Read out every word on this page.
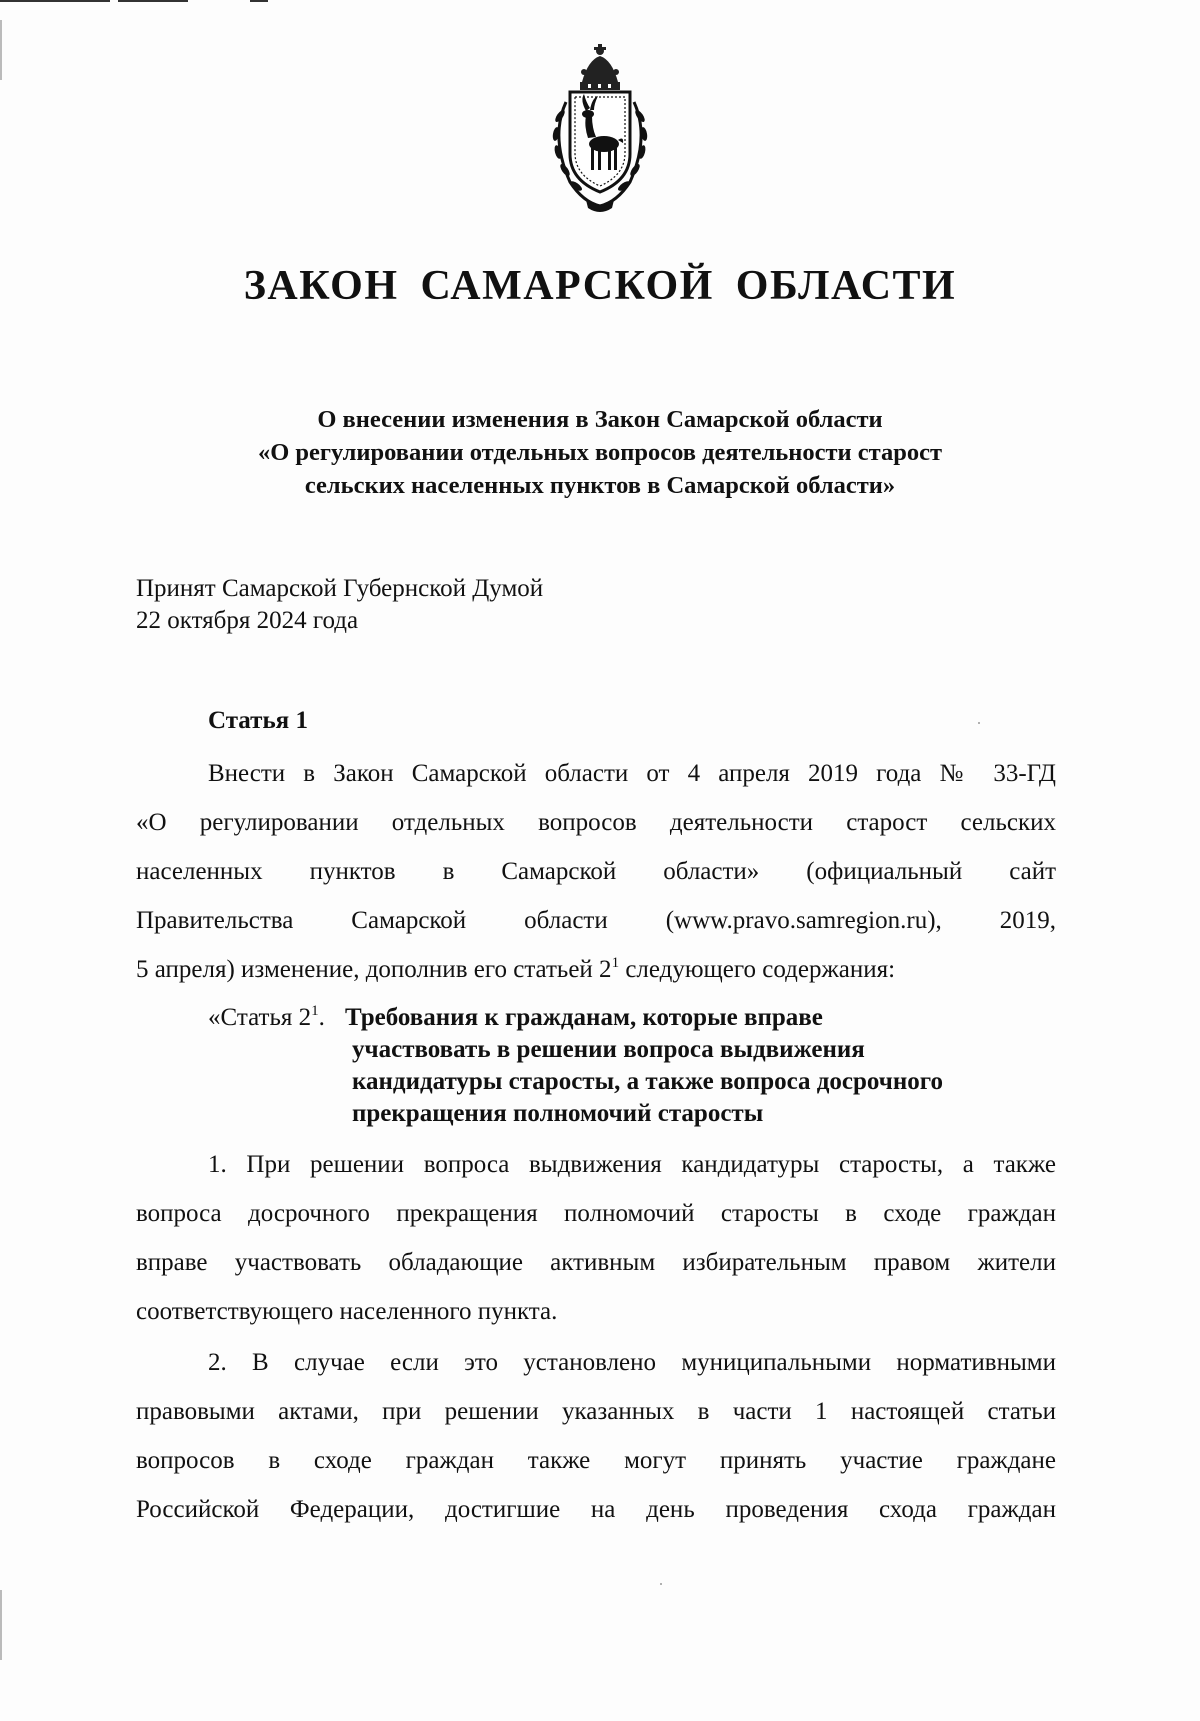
ЗАКОН САМАРСКОЙ ОБЛАСТИ
О внесении изменения в Закон Самарской области
«О регулировании отдельных вопросов деятельности старост
сельских населенных пунктов в Самарской области»
Принят Самарской Губернской Думой
22 октября 2024 года
Статья 1
Внести в Закон Самарской области от 4 апреля 2019 года № 33-ГД
«О регулировании отдельных вопросов деятельности старост сельских
населенных пунктов в Самарской области» (официальный сайт
Правительства Самарской области (www.pravo.samregion.ru), 2019,
5 апреля) изменение, дополнив его статьей $2^1$ следующего содержания:
«Статья $2^1$. Требования к гражданам, которые вправе
участвовать в решении вопроса выдвижения
кандидатуры старосты, а также вопроса досрочного
прекращения полномочий старосты
1. При решении вопроса выдвижения кандидатуры старосты, а также
вопроса досрочного прекращения полномочий старосты в сходе граждан
вправе участвовать обладающие активным избирательным правом жители
соответствующего населенного пункта.
2. В случае если это установлено муниципальными нормативными
правовыми актами, при решении указанных в части 1 настоящей статьи
вопросов в сходе граждан также могут принять участие граждане
Российской Федерации, достигшие на день проведения схода граждан
